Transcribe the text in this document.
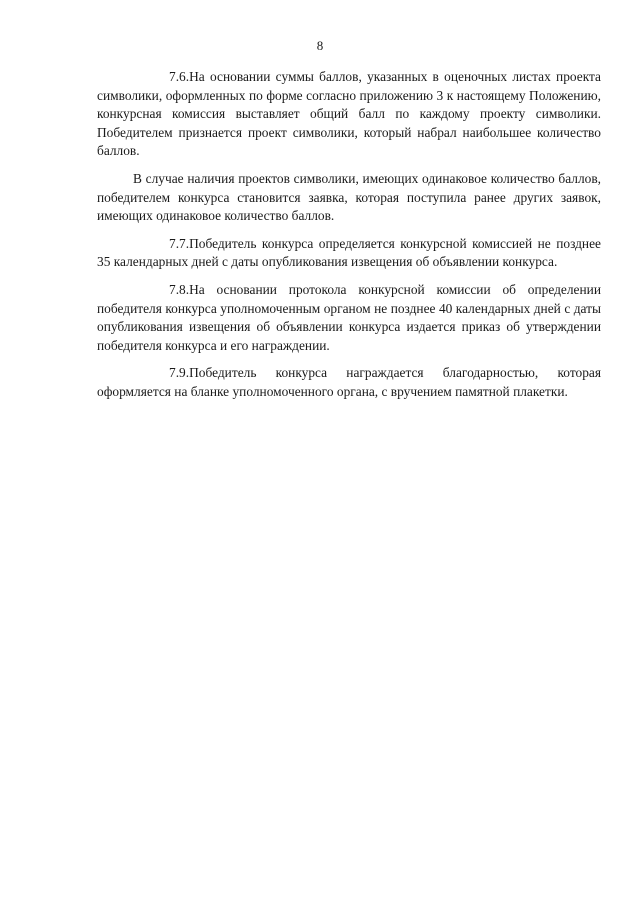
8

7.6.На основании суммы баллов, указанных в оценочных листах проекта символики, оформленных по форме согласно приложению 3 к настоящему Положению, конкурсная комиссия выставляет общий балл по каждому проекту символики. Победителем признается проект символики, который набрал наибольшее количество баллов.

В случае наличия проектов символики, имеющих одинаковое количество баллов, победителем конкурса становится заявка, которая поступила ранее других заявок, имеющих одинаковое количество баллов.

7.7.Победитель конкурса определяется конкурсной комиссией не позднее 35 календарных дней с даты опубликования извещения об объявлении конкурса.

7.8.На основании протокола конкурсной комиссии об определении победителя конкурса уполномоченным органом не позднее 40 календарных дней с даты опубликования извещения об объявлении конкурса издается приказ об утверждении победителя конкурса и его награждении.

7.9.Победитель конкурса награждается благодарностью, которая оформляется на бланке уполномоченного органа, с вручением памятной плакетки.
